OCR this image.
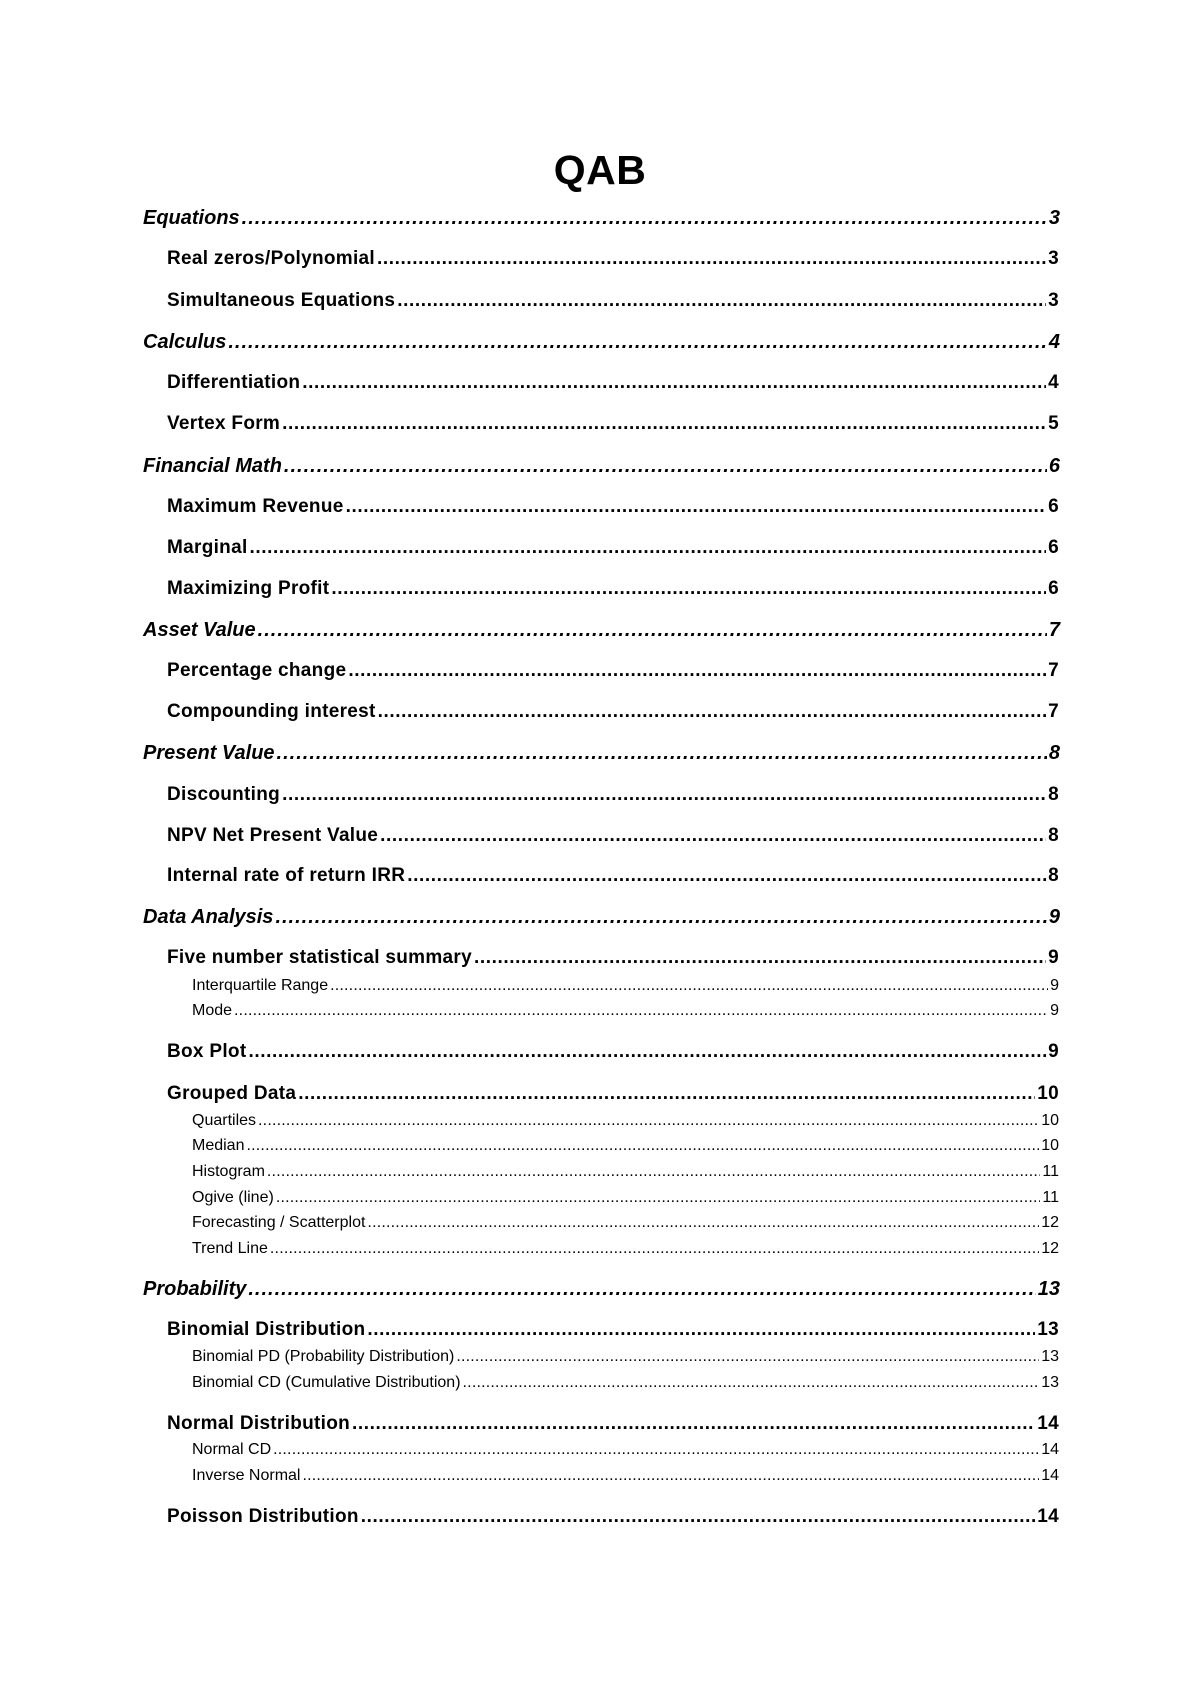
QAB
Equations .....	3
Real zeros/Polynomial .....	3
Simultaneous Equations .....	3
Calculus .....	4
Differentiation .....	4
Vertex Form .....	5
Financial Math .....	6
Maximum Revenue .....	6
Marginal .....	6
Maximizing Profit .....	6
Asset Value .....	7
Percentage change .....	7
Compounding interest .....	7
Present Value .....	8
Discounting .....	8
NPV Net Present Value .....	8
Internal rate of return IRR .....	8
Data Analysis .....	9
Five number statistical summary .....	9
Interquartile Range .....	9
Mode .....	9
Box Plot .....	9
Grouped Data .....	10
Quartiles .....	10
Median .....	10
Histogram .....	11
Ogive (line) .....	11
Forecasting / Scatterplot .....	12
Trend Line .....	12
Probability .....	13
Binomial Distribution .....	13
Binomial PD (Probability Distribution) .....	13
Binomial CD (Cumulative Distribution) .....	13
Normal Distribution .....	14
Normal CD .....	14
Inverse Normal .....	14
Poisson Distribution .....	14
